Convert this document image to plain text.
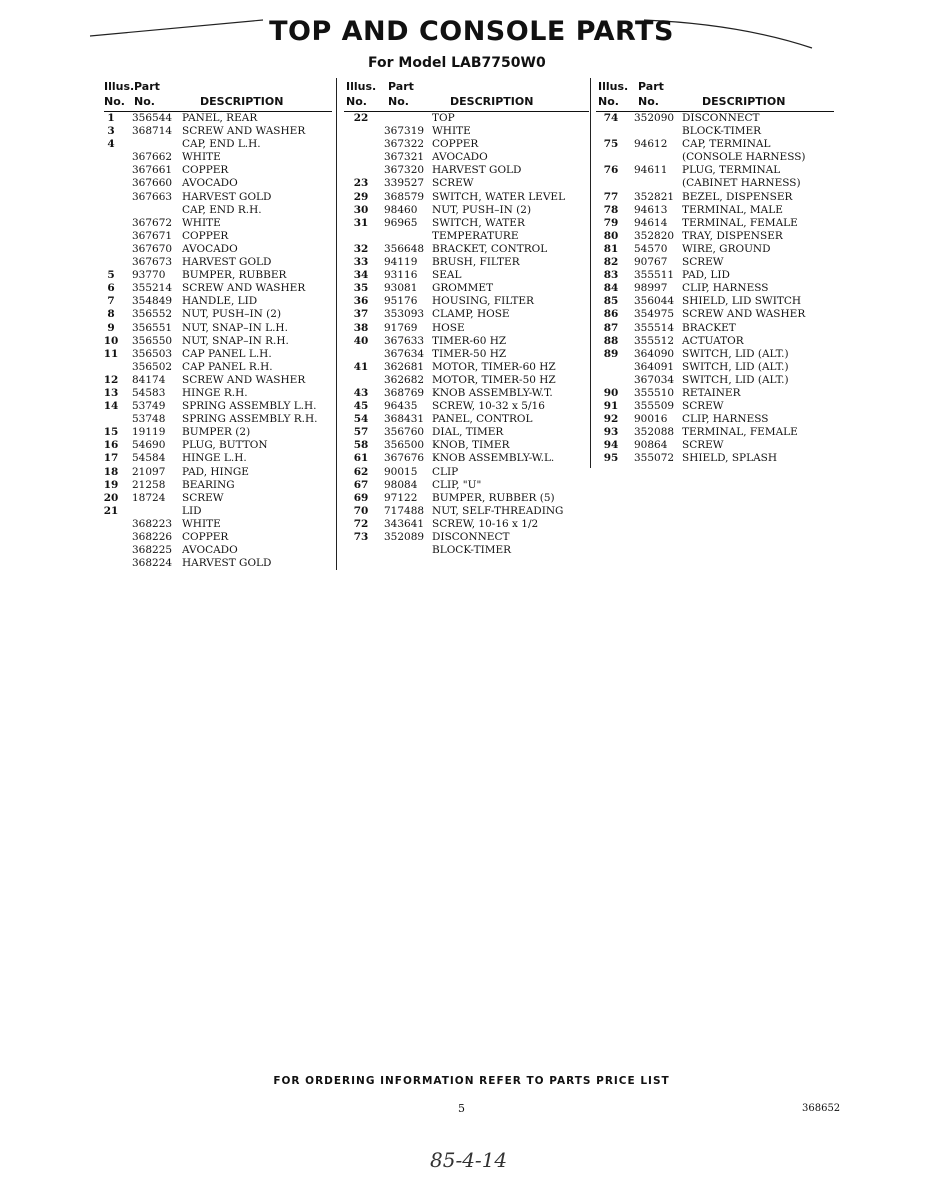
TOP AND CONSOLE PARTS
For Model LAB7750W0
Illus.
No.
Part
No.	DESCRIPTION
1	356544 PANEL, REAR
3	368714 SCREW AND WASHER
4	CAP, END L.H.
367662 WHITE
367661 COPPER
367660 AVOCADO
367663 HARVEST GOLD
CAP, END R.H.
367672 WHITE
367671 COPPER
367670 AVOCADO
367673 HARVEST GOLD
5	93770 BUMPER, RUBBER
6	355214 SCREW AND WASHER
7	354849 HANDLE, LID
8	356552 NUT, PUSH–IN (2)
9	356551 NUT, SNAP–IN L.H.
10	356550 NUT, SNAP–IN R.H.
11	356503 CAP PANEL L.H.
356502 CAP PANEL R.H.
12	84174 SCREW AND WASHER
13	54583 HINGE R.H.
14	53749 SPRING ASSEMBLY L.H.
53748 SPRING ASSEMBLY R.H.
15	19119 BUMPER (2)
16	54690 PLUG, BUTTON
17	54584 HINGE L.H.
18	21097 PAD, HINGE
19	21258 BEARING
20	18724 SCREW
21	LID
368223 WHITE
368226 COPPER
368225 AVOCADO
368224 HARVEST GOLD
Illus.
No.
Part
No.	DESCRIPTION
22	TOP
367319 WHITE
367322 COPPER
367321 AVOCADO
367320 HARVEST GOLD
23	339527 SCREW
29	368579 SWITCH, WATER LEVEL
30	98460 NUT, PUSH–IN (2)
31	96965 SWITCH, WATER
TEMPERATURE
32	356648 BRACKET, CONTROL
33	94119 BRUSH, FILTER
34	93116 SEAL
35	93081 GROMMET
36	95176 HOUSING, FILTER
37	353093 CLAMP, HOSE
38	91769 HOSE
40	367633 TIMER-60 HZ
367634 TIMER-50 HZ
41	362681 MOTOR, TIMER-60 HZ
362682 MOTOR, TIMER-50 HZ
43	368769 KNOB ASSEMBLY-W.T.
45	96435 SCREW, 10-32 x 5/16
54	368431 PANEL, CONTROL
57	356760 DIAL, TIMER
58	356500 KNOB, TIMER
61	367676 KNOB ASSEMBLY-W.L.
62	90015 CLIP
67	98084 CLIP, "U"
69	97122 BUMPER, RUBBER (5)
70	717488 NUT, SELF-THREADING
72	343641 SCREW, 10-16 x 1/2
73	352089 DISCONNECT
BLOCK-TIMER
Illus.
No.
Part
No.	DESCRIPTION
74	352090 DISCONNECT
BLOCK-TIMER
75	94612 CAP, TERMINAL
(CONSOLE HARNESS)
76	94611 PLUG, TERMINAL
(CABINET HARNESS)
77	352821 BEZEL, DISPENSER
78	94613 TERMINAL, MALE
79	94614 TERMINAL, FEMALE
80	352820 TRAY, DISPENSER
81	54570 WIRE, GROUND
82	90767 SCREW
83	355511 PAD, LID
84	98997 CLIP, HARNESS
85	356044 SHIELD, LID SWITCH
86	354975 SCREW AND WASHER
87	355514 BRACKET
88	355512 ACTUATOR
89	364090 SWITCH, LID (ALT.)
364091 SWITCH, LID (ALT.)
367034 SWITCH, LID (ALT.)
90	355510 RETAINER
91	355509 SCREW
92	90016 CLIP, HARNESS
93	352088 TERMINAL, FEMALE
94	90864 SCREW
95	355072 SHIELD, SPLASH
FOR ORDERING INFORMATION REFER TO PARTS PRICE LIST
5	368652
85-4-14
